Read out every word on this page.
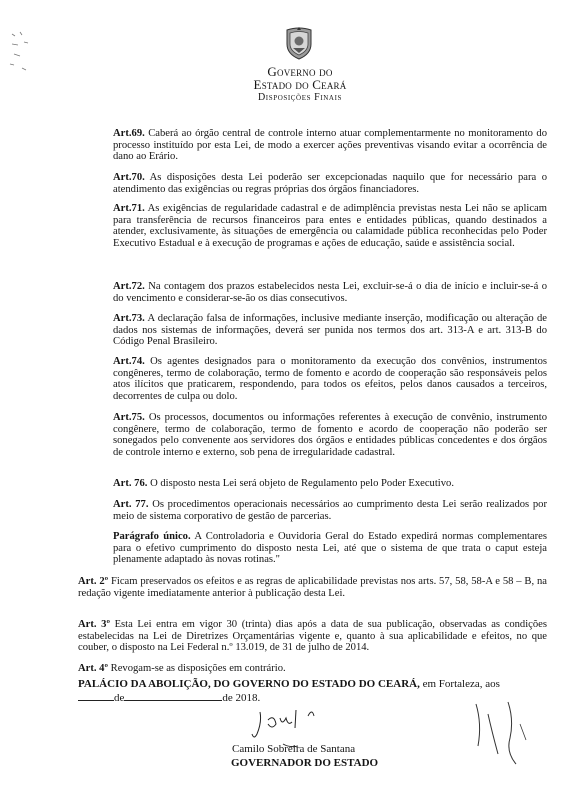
Governo do
Estado do Ceará
Disposições Finais

Art.69. Caberá ao órgão central de controle interno atuar complementarmente no monitoramento do processo instituído por esta Lei, de modo a exercer ações preventivas visando evitar a ocorrência de dano ao Erário.

Art.70. As disposições desta Lei poderão ser excepcionadas naquilo que for necessário para o atendimento das exigências ou regras próprias dos órgãos financiadores.

Art.71. As exigências de regularidade cadastral e de adimplência previstas nesta Lei não se aplicam para transferência de recursos financeiros para entes e entidades públicas, quando destinados a atender, exclusivamente, às situações de emergência ou calamidade pública reconhecidas pelo Poder Executivo Estadual e à execução de programas e ações de educação, saúde e assistência social.

Art.72. Na contagem dos prazos estabelecidos nesta Lei, excluir-se-á o dia de início e incluir-se-á o do vencimento e considerar-se-ão os dias consecutivos.

Art.73. A declaração falsa de informações, inclusive mediante inserção, modificação ou alteração de dados nos sistemas de informações, deverá ser punida nos termos dos art. 313-A e art. 313-B do Código Penal Brasileiro.

Art.74. Os agentes designados para o monitoramento da execução dos convênios, instrumentos congêneres, termo de colaboração, termo de fomento e acordo de cooperação são responsáveis pelos atos ilícitos que praticarem, respondendo, para todos os efeitos, pelos danos causados a terceiros, decorrentes de culpa ou dolo.

Art.75. Os processos, documentos ou informações referentes à execução de convênio, instrumento congênere, termo de colaboração, termo de fomento e acordo de cooperação não poderão ser sonegados pelo convenente aos servidores dos órgãos e entidades públicas concedentes e dos órgãos de controle interno e externo, sob pena de irregularidade cadastral.

Art. 76. O disposto nesta Lei será objeto de Regulamento pelo Poder Executivo.

Art. 77. Os procedimentos operacionais necessários ao cumprimento desta Lei serão realizados por meio de sistema corporativo de gestão de parcerias.

Parágrafo único. A Controladoria e Ouvidoria Geral do Estado expedirá normas complementares para o efetivo cumprimento do disposto nesta Lei, até que o sistema de que trata o caput esteja plenamente adaptado às novas rotinas."

Art. 2º Ficam preservados os efeitos e as regras de aplicabilidade previstas nos arts. 57, 58, 58-A e 58 – B, na redação vigente imediatamente anterior à publicação desta Lei.

Art. 3º Esta Lei entra em vigor 30 (trinta) dias após a data de sua publicação, observadas as condições estabelecidas na Lei de Diretrizes Orçamentárias vigente e, quanto à sua aplicabilidade e efeitos, no que couber, o disposto na Lei Federal n.º 13.019, de 31 de julho de 2014.

Art. 4º Revogam-se as disposições em contrário.

PALÁCIO DA ABOLIÇÃO, DO GOVERNO DO ESTADO DO CEARÁ, em Fortaleza, aos
de	de 2018.
Camilo Sobreira de Santana
GOVERNADOR DO ESTADO
